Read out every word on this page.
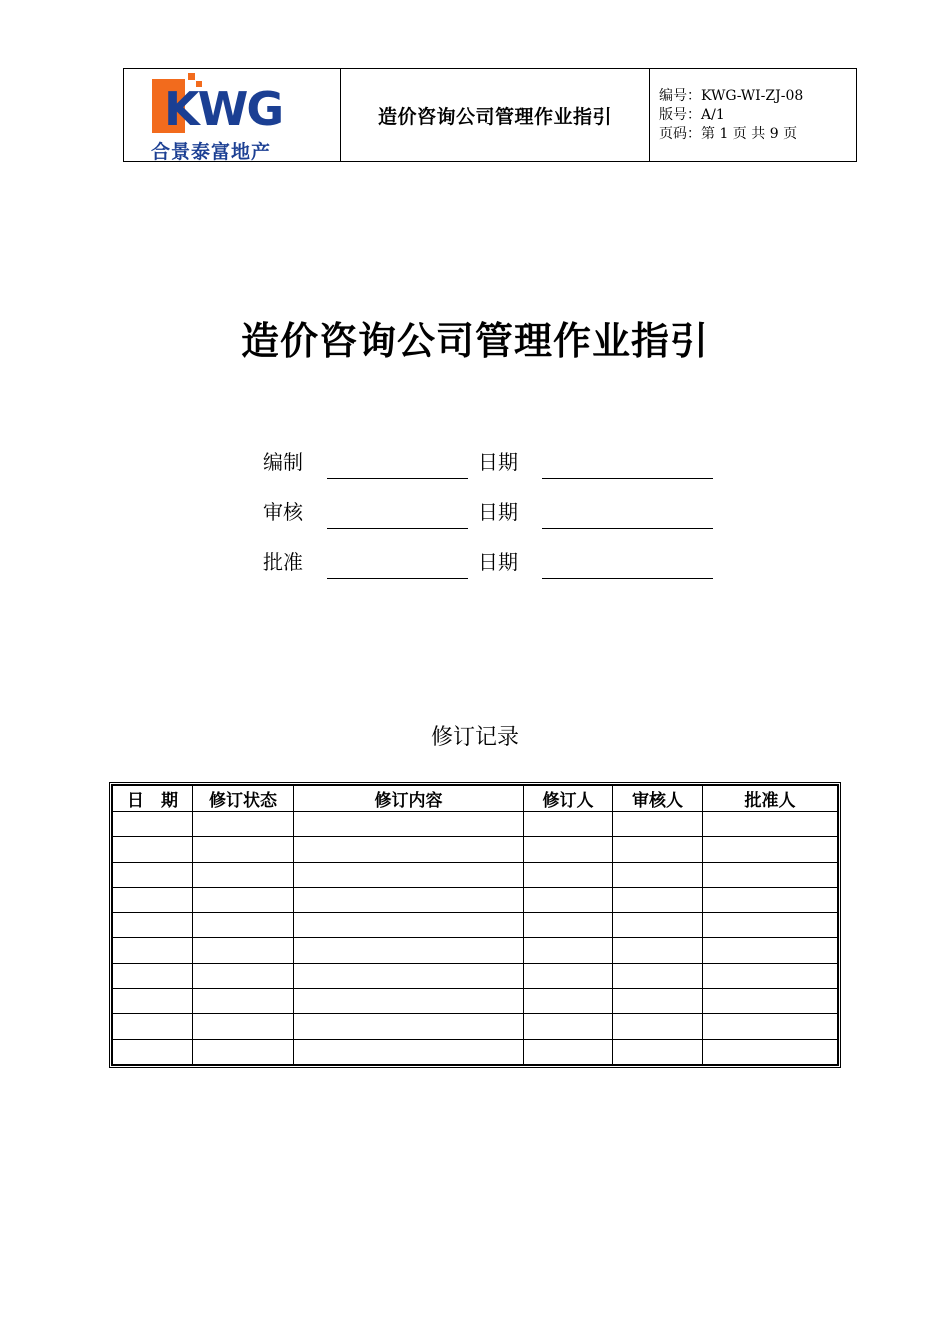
KWG
合景泰富地产
造价咨询公司管理作业指引
编号：KWG-WI-ZJ-08
版号：A/1
页码：第 1 页 共 9 页
造价咨询公司管理作业指引
编制	日期
审核	日期
批准	日期
修订记录
日　期	修订状态	修订内容	修订人	审核人	批准人
